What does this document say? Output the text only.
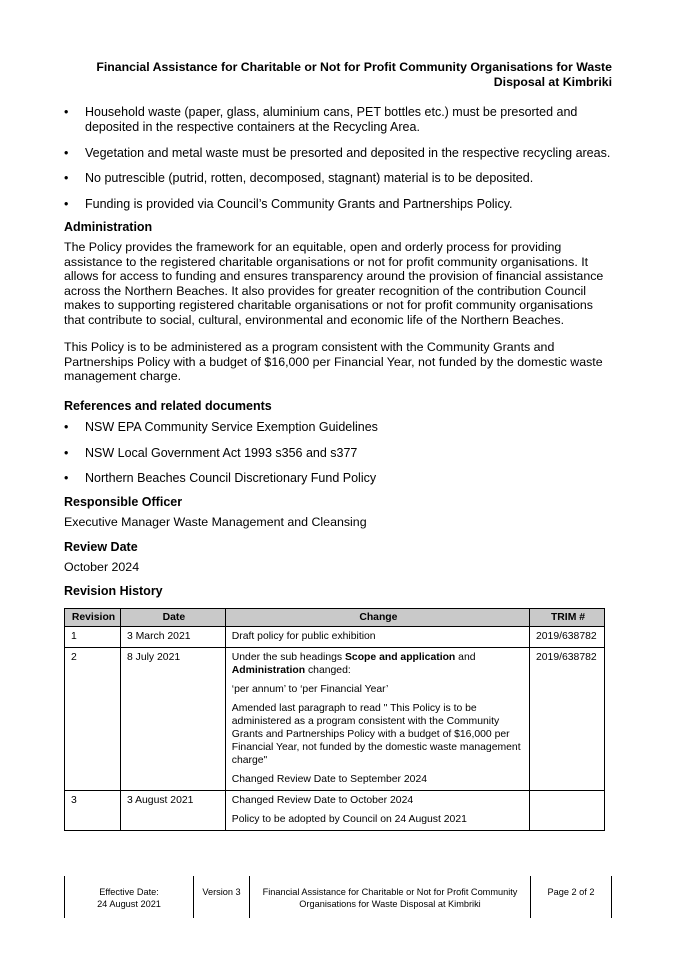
Financial Assistance for Charitable or Not for Profit Community Organisations for Waste Disposal at Kimbriki
• Household waste (paper, glass, aluminium cans, PET bottles etc.) must be presorted and deposited in the respective containers at the Recycling Area.
• Vegetation and metal waste must be presorted and deposited in the respective recycling areas.
• No putrescible (putrid, rotten, decomposed, stagnant) material is to be deposited.
• Funding is provided via Council’s Community Grants and Partnerships Policy.
Administration

The Policy provides the framework for an equitable, open and orderly process for providing assistance to the registered charitable organisations or not for profit community organisations. It allows for access to funding and ensures transparency around the provision of financial assistance across the Northern Beaches. It also provides for greater recognition of the contribution Council makes to supporting registered charitable organisations or not for profit community organisations that contribute to social, cultural, environmental and economic life of the Northern Beaches.

This Policy is to be administered as a program consistent with the Community Grants and Partnerships Policy with a budget of $16,000 per Financial Year, not funded by the domestic waste management charge.

References and related documents
• NSW EPA Community Service Exemption Guidelines
• NSW Local Government Act 1993 s356 and s377
• Northern Beaches Council Discretionary Fund Policy
Responsible Officer

Executive Manager Waste Management and Cleansing

Review Date

October 2024

Revision History
Revision	Date	Change	TRIM #
1	3 March 2021	Draft policy for public exhibition	2019/638782
2	8 July 2021	Under the sub headings Scope and application and Administration changed:

‘per annum’ to ‘per Financial Year’

Amended last paragraph to read " This Policy is to be administered as a program consistent with the Community Grants and Partnerships Policy with a budget of $16,000 per Financial Year, not funded by the domestic waste management charge"

Changed Review Date to September 2024	2019/638782
3	3 August 2021	Changed Review Date to October 2024

Policy to be adopted by Council on 24 August 2021	

Effective Date:
24 August 2021
Version 3	Financial Assistance for Charitable or Not for Profit Community Organisations for Waste Disposal at Kimbriki
Page 2 of 2
